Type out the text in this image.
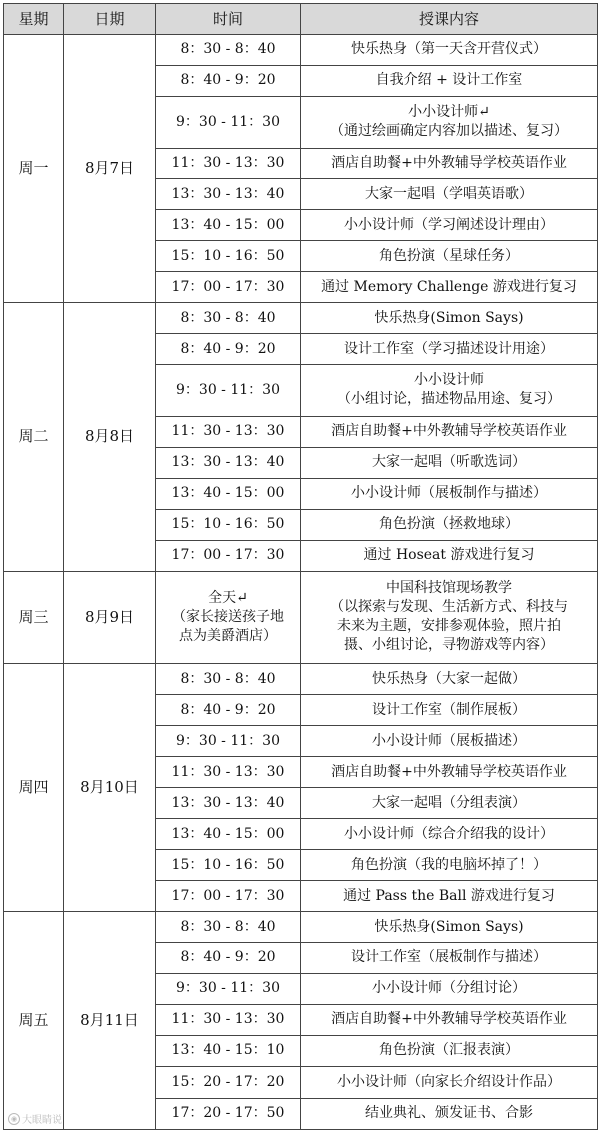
星期	日期	时间	授课内容
周一	8月7日	8：30 - 8：40	快乐热身（第一天含开营仪式）
		8：40 - 9：20	自我介绍 + 设计工作室
		9：30 - 11：30	小小设计师↵
（通过绘画确定内容加以描述、复习）
		11：30 - 13：30	酒店自助餐+中外教辅导学校英语作业
		13：30 - 13：40	大家一起唱（学唱英语歌）
		13：40 - 15：00	小小设计师（学习阐述设计理由）
		15：10 - 16：50	角色扮演（星球任务）
		17：00 - 17：30	通过 Memory Challenge 游戏进行复习
周二	8月8日	8：30 - 8：40	快乐热身(Simon Says)
		8：40 - 9：20	设计工作室（学习描述设计用途）
		9：30 - 11：30	小小设计师
（小组讨论，描述物品用途、复习）
		11：30 - 13：30	酒店自助餐+中外教辅导学校英语作业
		13：30 - 13：40	大家一起唱（听歌选词）
		13：40 - 15：00	小小设计师（展板制作与描述）
		15：10 - 16：50	角色扮演（拯救地球）
		17：00 - 17：30	通过 Hoseat 游戏进行复习
周三	8月9日	全天↵
（家长接送孩子地
点为美爵酒店）	中国科技馆现场教学
（以探索与发现、生活新方式、科技与
未来为主题，安排参观体验，照片拍
摄、小组讨论，寻物游戏等内容）
周四	8月10日	8：30 - 8：40	快乐热身（大家一起做）
		8：40 - 9：20	设计工作室（制作展板）
		9：30 - 11：30	小小设计师（展板描述）
		11：30 - 13：30	酒店自助餐+中外教辅导学校英语作业
		13：30 - 13：40	大家一起唱（分组表演）
		13：40 - 15：00	小小设计师（综合介绍我的设计）
		15：10 - 16：50	角色扮演（我的电脑坏掉了！）
		17：00 - 17：30	通过 Pass the Ball 游戏进行复习
周五	8月11日	8：30 - 8：40	快乐热身(Simon Says)
		8：40 - 9：20	设计工作室（展板制作与描述）
		9：30 - 11：30	小小设计师（分组讨论）
		11：30 - 13：30	酒店自助餐+中外教辅导学校英语作业
		13：40 - 15：10	角色扮演（汇报表演）
		15：20 - 17：20	小小设计师（向家长介绍设计作品）
		17：20 - 17：50	结业典礼、颁发证书、合影
◉ 大眼睛说
